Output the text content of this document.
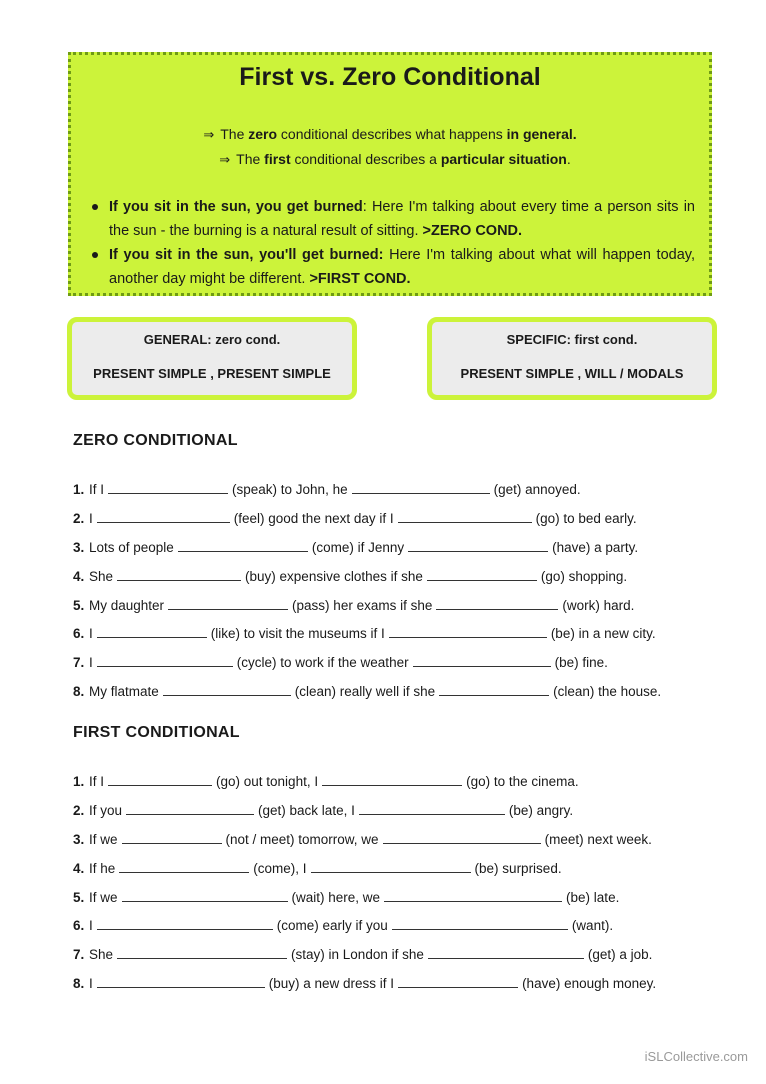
First vs. Zero Conditional
⇒ The zero conditional describes what happens in general.
⇒ The first conditional describes a particular situation.
If you sit in the sun, you get burned: Here I'm talking about every time a person sits in the sun - the burning is a natural result of sitting. >ZERO COND.
If you sit in the sun, you'll get burned: Here I'm talking about what will happen today, another day might be different. >FIRST COND.
GENERAL: zero cond.
PRESENT SIMPLE , PRESENT SIMPLE
SPECIFIC: first cond.
PRESENT SIMPLE , WILL / MODALS
ZERO CONDITIONAL
1. If I	(speak) to John, he	(get) annoyed.
2. I	(feel) good the next day if I	(go) to bed early.
3. Lots of people	(come) if Jenny	(have) a party.
4. She	(buy) expensive clothes if she	(go) shopping.
5. My daughter	(pass) her exams if she	(work) hard.
6. I	(like) to visit the museums if I	(be) in a new city.
7. I	(cycle) to work if the weather	(be) fine.
8. My flatmate	(clean) really well if she	(clean) the house.
FIRST CONDITIONAL
1. If I	(go) out tonight, I	(go) to the cinema.
2. If you	(get) back late, I	(be) angry.
3. If we	(not / meet) tomorrow, we	(meet) next week.
4. If he	(come), I	(be) surprised.
5. If we	(wait) here, we	(be) late.
6. I	(come) early if you	(want).
7. She	(stay) in London if she	(get) a job.
8. I	(buy) a new dress if I	(have) enough money.
iSLCollective.com
